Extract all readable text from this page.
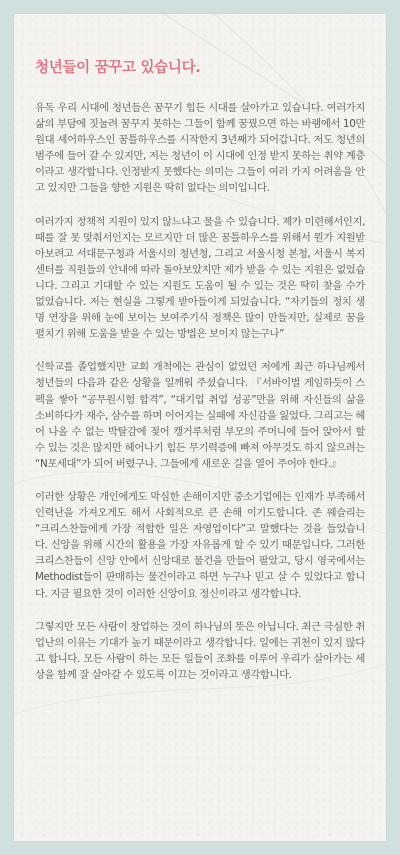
청년들이 꿈꾸고 있습니다.

유독 우리 시대에 청년들은 꿈꾸기 힘든 시대를 살아가고 있습니다. 여러가지 삶의 부담에 짓눌려 꿈꾸지 못하는 그들이 함께 꿈꿨으면 하는 바램에서 10만원대 셰어하우스인 꿈틀하우스를 시작한지 3년째가 되어갑니다. 저도 청년의 범주에 들어 갈 수 있지만, 저는 청년이 이 시대에 인정 받지 못하는 취약 계층이라고 생각합니다. 인정받지 못했다는 의미는 그들이 여러 가지 어려움을 안고 있지만 그들을 향한 지원은 딱히 없다는 의미입니다.

여러가지 정책적 지원이 있지 않느냐고 물을 수 있습니다. 제가 미련해서인지, 때를 잘 못 맞춰서인지는 모르지만 더 많은 꿈틀하우스를 위해서 뭔가 지원받아보려고 서대문구청과 서울시의 청년청, 그리고 서울시청 본청, 서울시 복지센터를 직원들의 안내에 따라 돌아보았지만 제가 받을 수 있는 지원은 없었습니다. 그리고 기대할 수 있는 지원도 도움이 될 수 있는 것은 딱히 찾을 수가 없었습니다. 저는 현실을 그렇게 받아들이게 되었습니다. “자기들의 정치 생명 연장을 위해 눈에 보이는 보여주기식 정책은 많이 만들지만, 실제로 꿈을 펼치기 위해 도움을 받을 수 있는 방법은 보이지 않는구나”

신학교를 졸업했지만 교회 개척에는 관심이 없었던 저에게 최근 하나님께서 청년들의 다음과 같은 상황을 일깨워 주셨습니다. 『서바이벌 게임하듯이 스펙을 쌓아 “공무원시험 합격”, “대기업 취업 성공”만을 위해 자신들의 삶을 소비하다가 재수, 삼수를 하며 이어지는 실패에 자신감을 잃었다. 그리고는 헤어 나올 수 없는 박탈감에 젖어 캥거루처럼 부모의 주머니에 들어 앉아서 할 수 있는 것은 많지만 헤어나기 힘든 무기력증에 빠져 아무것도 하지 않으려는 “N포세대”가 되어 버렸구나. 그들에게 새로운 길을 열어 주어야 한다.』

이러한 상황은 개인에게도 막심한 손해이지만 중소기업에는 인재가 부족해서 인력난을 가져오게도 해서 사회적으로 큰 손해 이기도합니다. 존 웨슬리는 “크리스찬들에게 가장 적합한 일은 자영업이다”고 말했다는 것을 들었습니다. 신앙을 위해 시간의 활용을 가장 자유롭게 할 수 있기 때문입니다. 그러한 크리스찬들이 신앙 안에서 신앙대로 물건을 만들어 팔았고, 당시 영국에서는 Methodist들이 판매하는 물건이라고 하면 누구나 믿고 살 수 있었다고 합니다. 지금 필요한 것이 이러한 신앙이요 정신이라고 생각합니다.

그렇지만 모든 사람이 창업하는 것이 하나님의 뜻은 아닙니다. 최근 극심한 취업난의 이유는 기대가 높기 때문이라고 생각합니다. 일에는 귀천이 있지 않다고 합니다. 모든 사람이 하는 모든 일들이 조화를 이루어 우리가 살아가는 세상을 함께 잘 살아갈 수 있도록 이끄는 것이라고 생각합니다.
